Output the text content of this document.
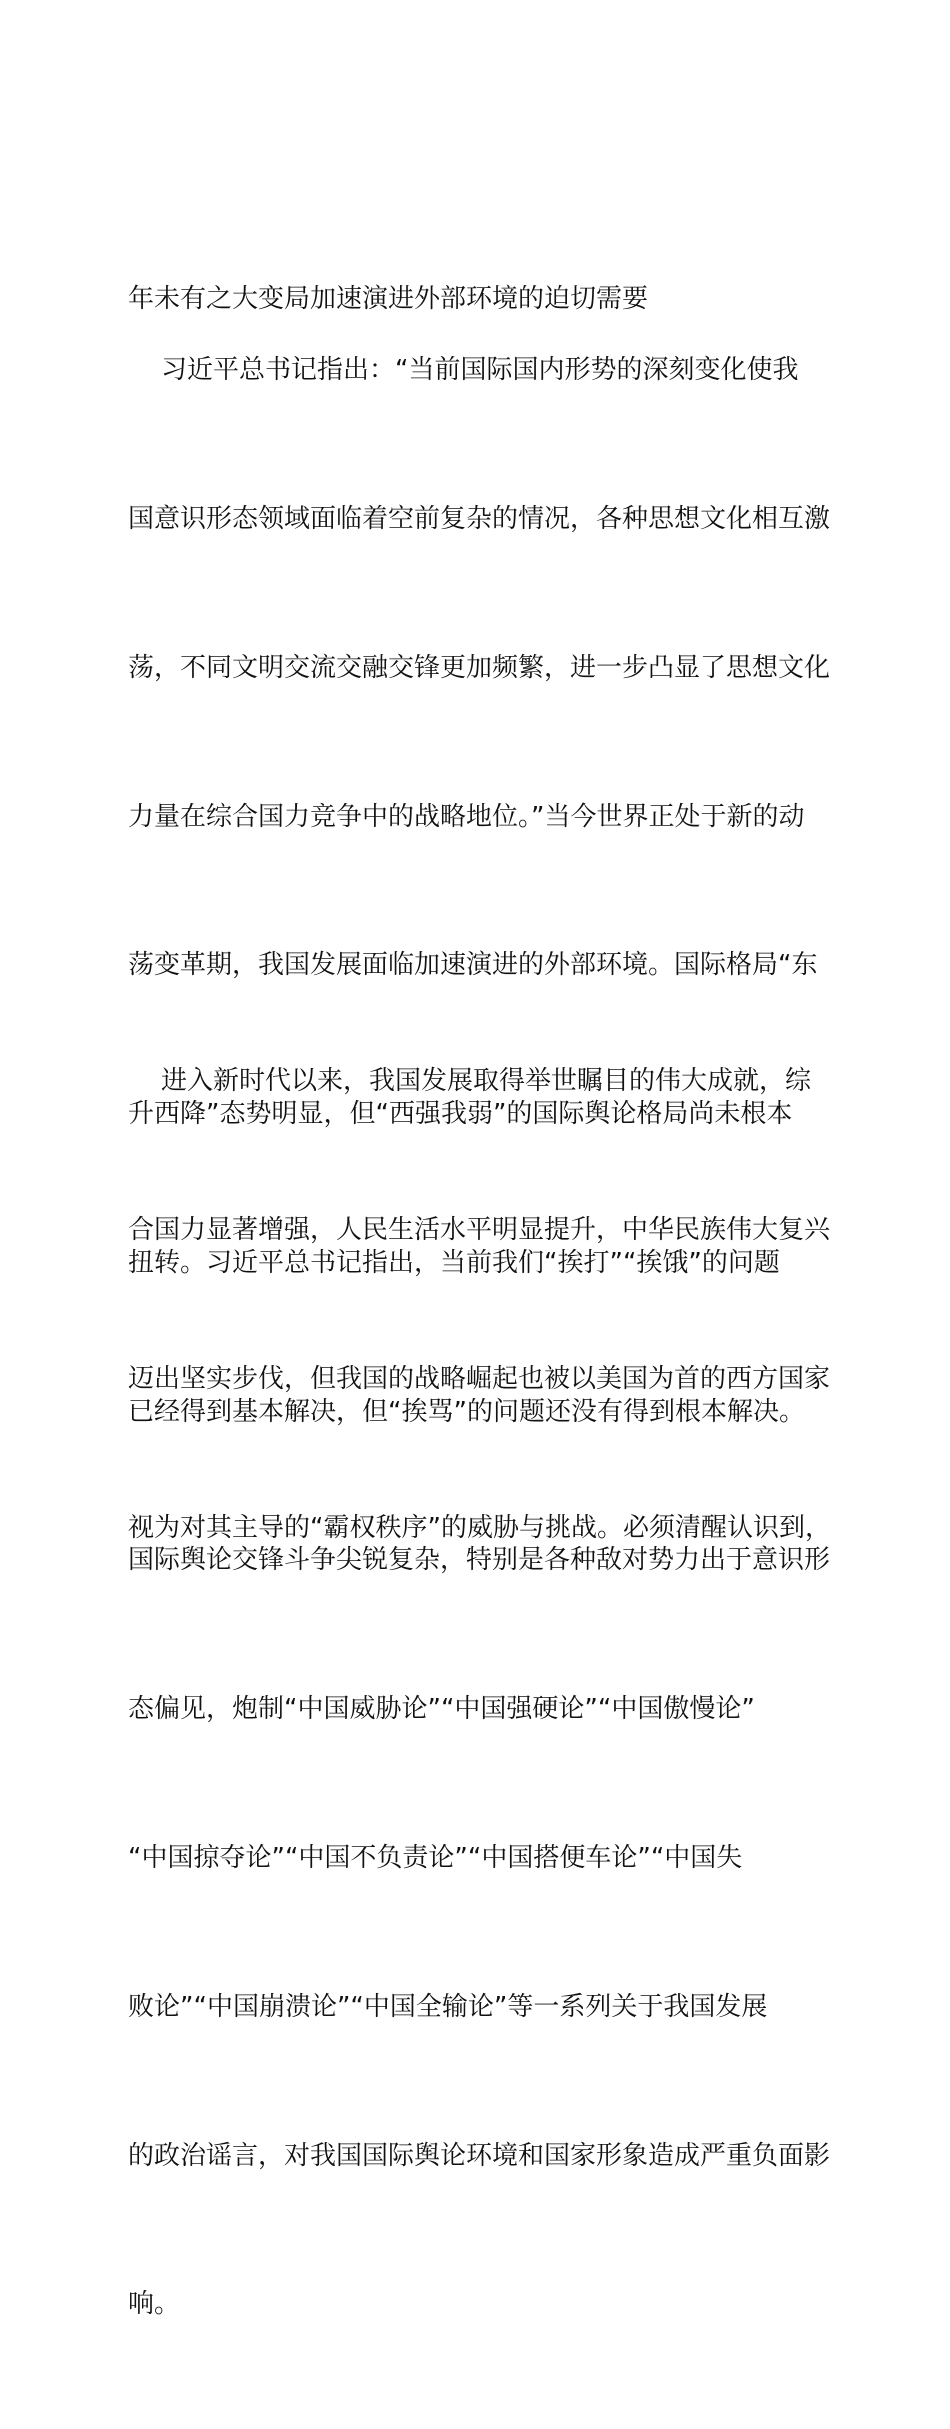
年未有之大变局加速演进外部环境的迫切需要

习近平总书记指出：“当前国际国内形势的深刻变化使我

国意识形态领域面临着空前复杂的情况，各种思想文化相互激

荡，不同文明交流交融交锋更加频繁，进一步凸显了思想文化

力量在综合国力竞争中的战略地位。”当今世界正处于新的动

荡变革期，我国发展面临加速演进的外部环境。国际格局“东

升西降”态势明显，但“西强我弱”的国际舆论格局尚未根本

扭转。习近平总书记指出，当前我们“挨打”“挨饿”的问题

已经得到基本解决，但“挨骂”的问题还没有得到根本解决。

国际舆论交锋斗争尖锐复杂，特别是各种敌对势力出于意识形

态偏见，炮制“中国威胁论”“中国强硬论”“中国傲慢论”

“中国掠夺论”“中国不负责论”“中国搭便车论”“中国失

败论”“中国崩溃论”“中国全输论”等一系列关于我国发展

的政治谣言，对我国国际舆论环境和国家形象造成严重负面影

响。

进入新时代以来，我国发展取得举世瞩目的伟大成就，综

合国力显著增强，人民生活水平明显提升，中华民族伟大复兴

迈出坚实步伐，但我国的战略崛起也被以美国为首的西方国家

视为对其主导的“霸权秩序”的威胁与挑战。必须清醒认识到，
